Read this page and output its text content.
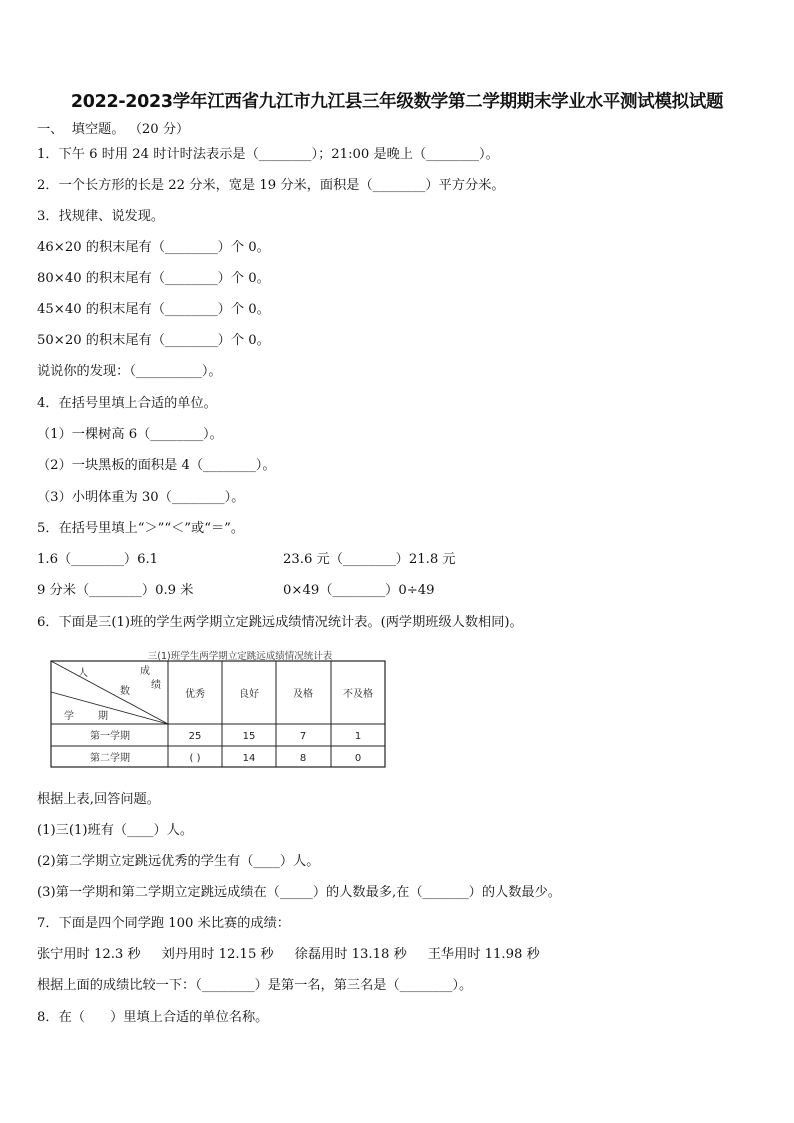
2022-2023学年江西省九江市九江县三年级数学第二学期期末学业水平测试模拟试题
一、  填空题。 （20 分）
1．下午 6 时用 24 时计时法表示是（________）；21:00 是晚上（________）。
2．一个长方形的长是 22 分米，宽是 19 分米，面积是（________）平方分米。
3．找规律、说发现。
46×20 的积末尾有（________）个 0。
80×40 的积末尾有（________）个 0。
45×40 的积末尾有（________）个 0。
50×20 的积末尾有（________）个 0。
说说你的发现：（__________）。
4．在括号里填上合适的单位。
（1）一棵树高 6（________）。
（2）一块黑板的面积是 4（________）。
（3）小明体重为 30（________）。
5．在括号里填上“＞”“＜”或“＝”。
1.6（________）6.1	23.6 元（________）21.8 元
9 分米（________）0.9 米	0×49（________）0÷49
6．下面是三(1)班的学生两学期立定跳远成绩情况统计表。(两学期班级人数相同)。
三(1)班学生两学期立定跳远成绩情况统计表
人	成
数
绩
学 期
优秀	良好	及格	不及格
第一学期	25	15	7	1
第二学期	( )	14	8	0
根据上表,回答问题。
(1)三(1)班有（____）人。
(2)第二学期立定跳远优秀的学生有（____）人。
(3)第一学期和第二学期立定跳远成绩在（_____）的人数最多,在（_______）的人数最少。
7．下面是四个同学跑 100 米比赛的成绩：
张宁用时 12.3 秒     刘丹用时 12.15 秒     徐磊用时 13.18 秒     王华用时 11.98 秒
根据上面的成绩比较一下：（________）是第一名，第三名是（________）。
8．在（      ）里填上合适的单位名称。
